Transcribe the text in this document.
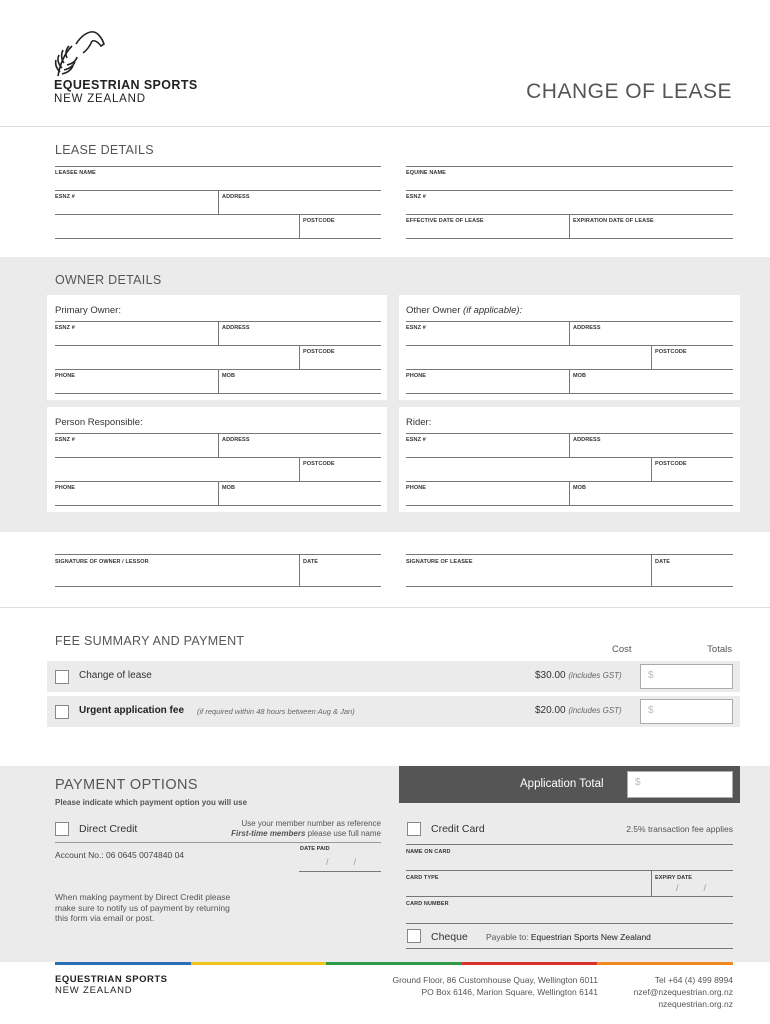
EQUESTRIAN SPORTS
NEW ZEALAND	CHANGE OF LEASE
LEASE DETAILS
LEASEE NAME
ESNZ #	ADDRESS
POSTCODE
EQUINE NAME
ESNZ #
EFFECTIVE DATE OF LEASE	EXPIRATION DATE OF LEASE
OWNER DETAILS
Primary Owner:
ESNZ #	ADDRESS
POSTCODE
PHONE	MOB
Other Owner (if applicable):
ESNZ #	ADDRESS
POSTCODE
PHONE	MOB
Person Responsible:
ESNZ #	ADDRESS
POSTCODE
PHONE	MOB
Rider:
ESNZ #	ADDRESS
POSTCODE
PHONE	MOB
SIGNATURE OF OWNER / LESSOR	DATE	SIGNATURE OF LEASEE	DATE
FEE SUMMARY AND PAYMENT
Cost	Totals
Change of lease	$30.00 (includes GST)	$
Urgent application fee (if required within 48 hours between Aug & Jan)	$20.00 (includes GST)	$
PAYMENT OPTIONS
Please indicate which payment option you will use
Application Total	$
Direct Credit	Use your member number as reference
First-time members please use full name
Account No.: 06 0645 0074840 04
DATE PAID
/          /
When making payment by Direct Credit please make sure to notify us of payment by returning this form via email or post.
Credit Card	2.5% transaction fee applies
NAME ON CARD
CARD TYPE	EXPIRY DATE
/          /
CARD NUMBER
Cheque Payable to: Equestrian Sports New Zealand
EQUESTRIAN SPORTS
NEW ZEALAND
Ground Floor, 86 Customhouse Quay, Wellington 6011
PO Box 6146, Marion Square, Wellington 6141
Tel +64 (4) 499 8994
nzef@nzequestrian.org.nz
nzequestrian.org.nz
